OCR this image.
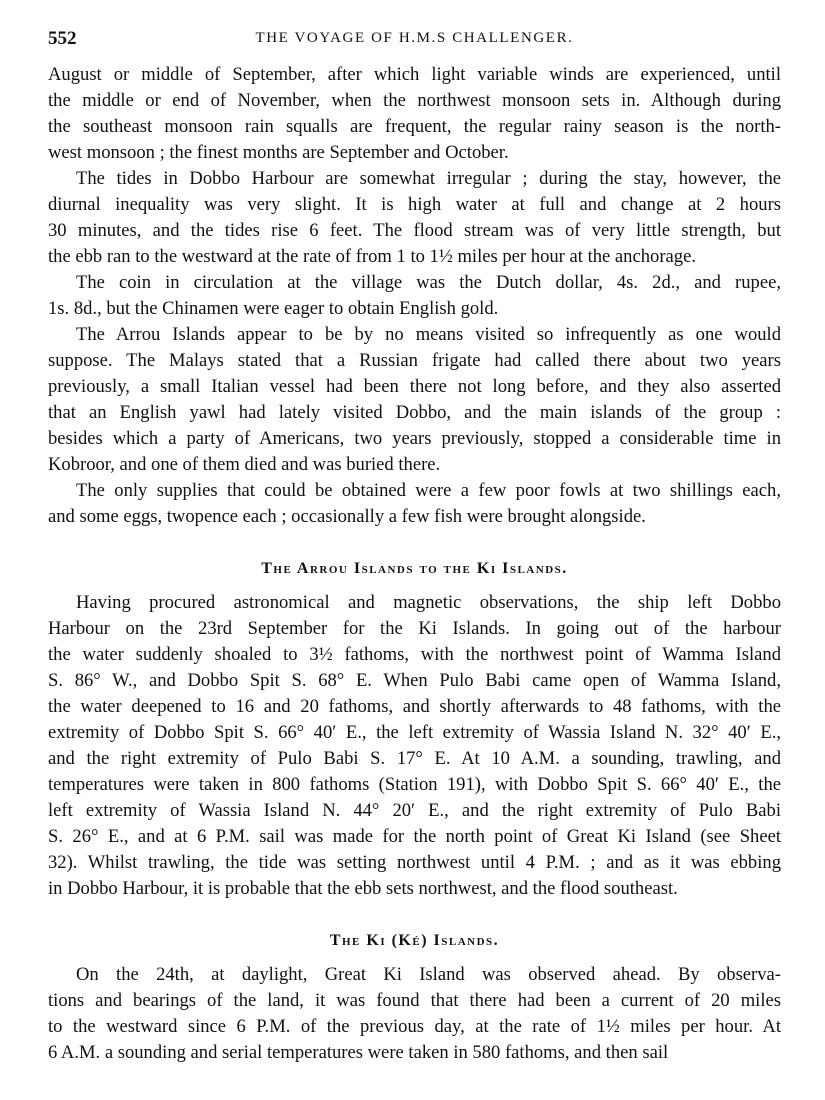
552	THE VOYAGE OF H.M.S CHALLENGER.
August or middle of September, after which light variable winds are experienced, until
the middle or end of November, when the northwest monsoon sets in. Although during
the southeast monsoon rain squalls are frequent, the regular rainy season is the north-
west monsoon ; the finest months are September and October.
The tides in Dobbo Harbour are somewhat irregular ; during the stay, however, the
diurnal inequality was very slight. It is high water at full and change at 2 hours
30 minutes, and the tides rise 6 feet. The flood stream was of very little strength, but
the ebb ran to the westward at the rate of from 1 to 1½ miles per hour at the anchorage.
The coin in circulation at the village was the Dutch dollar, 4s. 2d., and rupee,
1s. 8d., but the Chinamen were eager to obtain English gold.
The Arrou Islands appear to be by no means visited so infrequently as one would
suppose. The Malays stated that a Russian frigate had called there about two years
previously, a small Italian vessel had been there not long before, and they also asserted
that an English yawl had lately visited Dobbo, and the main islands of the group :
besides which a party of Americans, two years previously, stopped a considerable time in
Kobroor, and one of them died and was buried there.
The only supplies that could be obtained were a few poor fowls at two shillings each,
and some eggs, twopence each ; occasionally a few fish were brought alongside.
The Arrou Islands to the Ki Islands.
Having procured astronomical and magnetic observations, the ship left Dobbo
Harbour on the 23rd September for the Ki Islands. In going out of the harbour
the water suddenly shoaled to 3½ fathoms, with the northwest point of Wamma Island
S. 86° W., and Dobbo Spit S. 68° E. When Pulo Babi came open of Wamma Island,
the water deepened to 16 and 20 fathoms, and shortly afterwards to 48 fathoms, with the
extremity of Dobbo Spit S. 66° 40′ E., the left extremity of Wassia Island N. 32° 40′ E.,
and the right extremity of Pulo Babi S. 17° E. At 10 A.M. a sounding, trawling, and
temperatures were taken in 800 fathoms (Station 191), with Dobbo Spit S. 66° 40′ E., the
left extremity of Wassia Island N. 44° 20′ E., and the right extremity of Pulo Babi
S. 26° E., and at 6 P.M. sail was made for the north point of Great Ki Island (see Sheet
32). Whilst trawling, the tide was setting northwest until 4 P.M. ; and as it was ebbing
in Dobbo Harbour, it is probable that the ebb sets northwest, and the flood southeast.
The Ki (Ké) Islands.
On the 24th, at daylight, Great Ki Island was observed ahead. By observa-
tions and bearings of the land, it was found that there had been a current of 20 miles
to the westward since 6 P.M. of the previous day, at the rate of 1½ miles per hour. At
6 A.M. a sounding and serial temperatures were taken in 580 fathoms, and then sail
